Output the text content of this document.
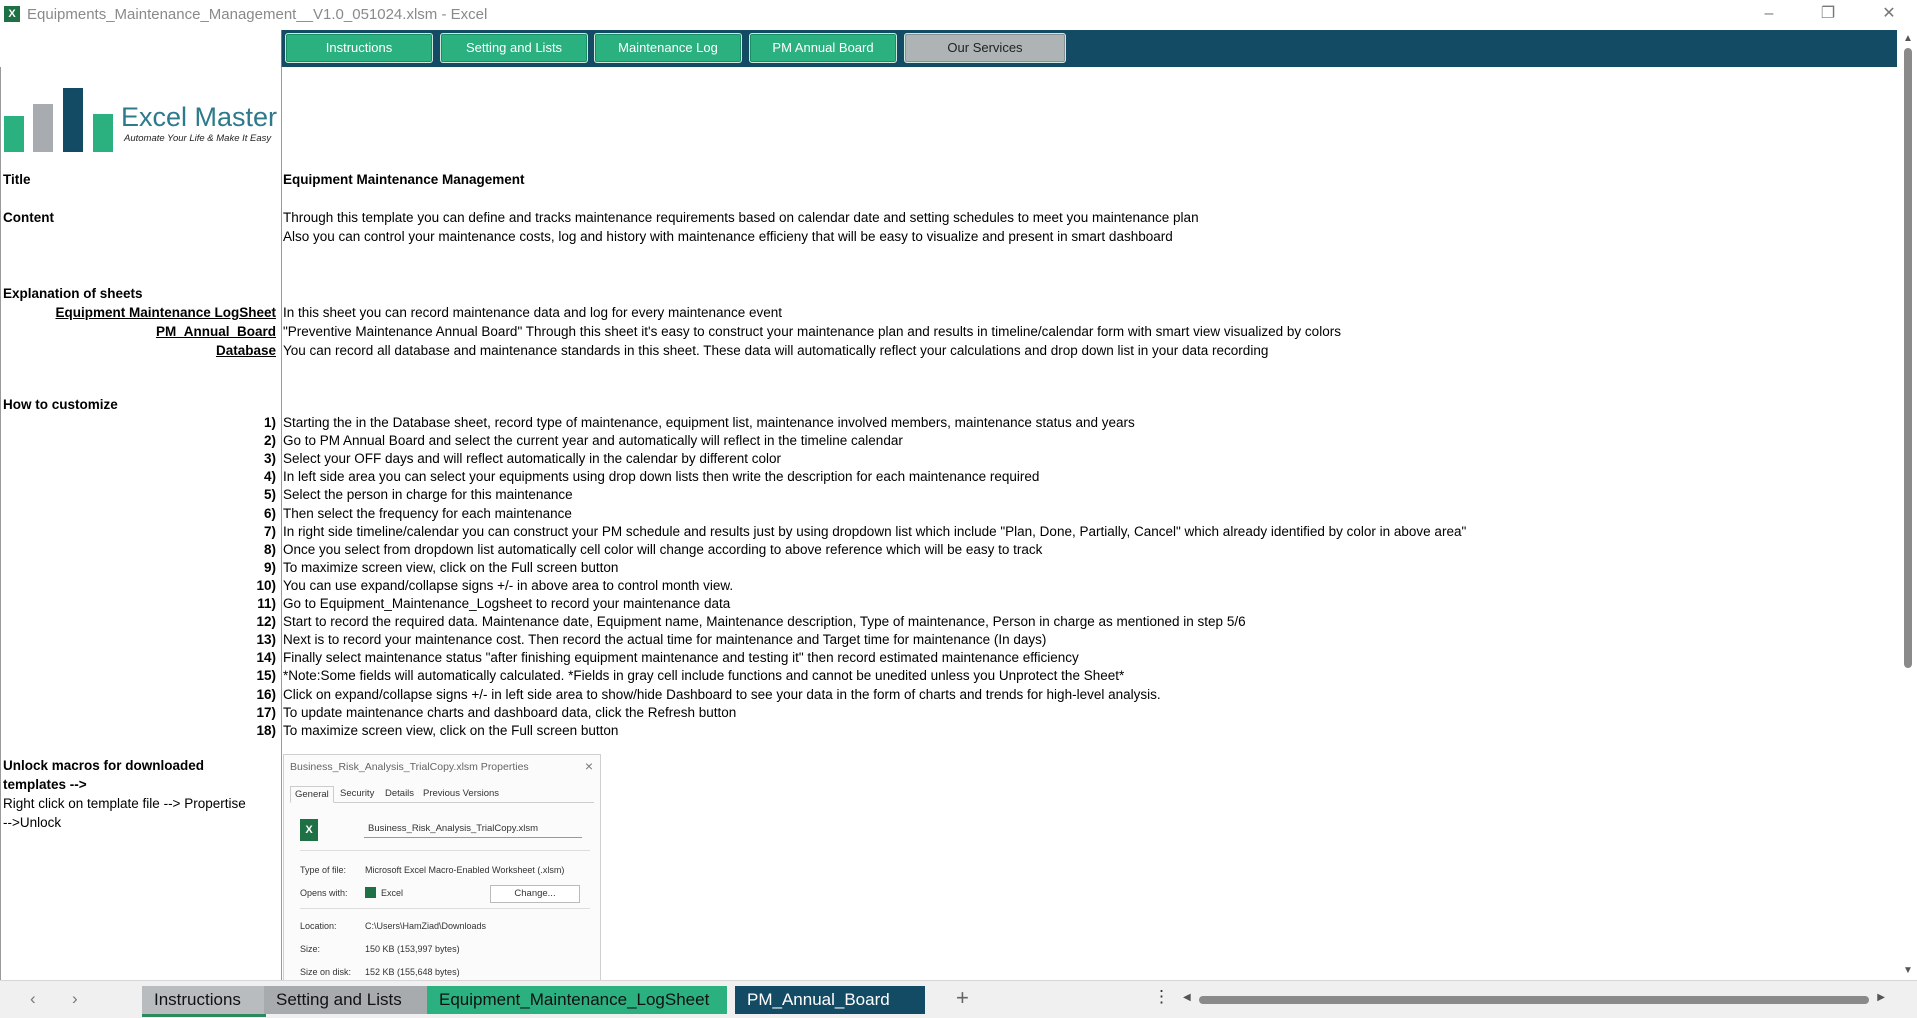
X Equipments_Maintenance_Management__V1.0_051024.xlsm - Excel	–	❐	✕
Instructions	Setting and Lists	Maintenance Log	PM Annual Board	Our Services
Excel Master
Automate Your Life & Make It Easy
Title	Equipment Maintenance Management
Content	Through this template you can define and tracks maintenance requirements based on calendar date and setting schedules to meet you maintenance plan
Also you can control your maintenance costs, log and history with maintenance efficieny that will be easy to visualize and present in smart dashboard
Explanation of sheets
Equipment Maintenance LogSheet In this sheet you can record maintenance data and log for every maintenance event
PM_Annual_Board "Preventive Maintenance Annual Board" Through this sheet it's easy to construct your maintenance plan and results in timeline/calendar form with smart view visualized by colors
Database You can record all database and maintenance standards in this sheet. These data will automatically reflect your calculations and drop down list in your data recording
How to customize
1) Starting the in the Database sheet, record type of maintenance, equipment list, maintenance involved members, maintenance status and years
2) Go to PM Annual Board and select the current year and automatically will reflect in the timeline calendar
3) Select your OFF days and will reflect automatically in the calendar by different color
4) In left side area you can select your equipments using drop down lists then write the description for each maintenance required
5) Select the person in charge for this maintenance
6) Then select the frequency for each maintenance
7) In right side timeline/calendar you can construct your PM schedule and results just by using dropdown list which include "Plan, Done, Partially, Cancel" which already identified by color in above area"
8) Once you select from dropdown list automatically cell color will change according to above reference which will be easy to track
9) To maximize screen view, click on the Full screen button
10) You can use expand/collapse signs +/- in above area to control month view.
11) Go to Equipment_Maintenance_Logsheet to record your maintenance data
12) Start to record the required data. Maintenance date, Equipment name, Maintenance description, Type of maintenance, Person in charge as mentioned in step 5/6
13) Next is to record your maintenance cost. Then record the actual time for maintenance and Target time for maintenance (In days)
14) Finally select maintenance status "after finishing equipment maintenance and testing it" then record estimated maintenance efficiency
15) *Note:Some fields will automatically calculated. *Fields in gray cell include functions and cannot be unedited unless you Unprotect the Sheet*
16) Click on expand/collapse signs +/- in left side area to show/hide Dashboard to see your data in the form of charts and trends for high-level analysis.
17) To update maintenance charts and dashboard data, click the Refresh button
18) To maximize screen view, click on the Full screen button
Unlock macros for downloaded
templates -->
Right click on template file --> Propertise
-->Unlock
Business_Risk_Analysis_TrialCopy.xlsm Properties	×
General	Security	Details Previous Versions
X	Business_Risk_Analysis_TrialCopy.xlsm
Type of file: Microsoft Excel Macro-Enabled Worksheet (.xlsm)
Opens with:	Excel	Change...
Location:	C:\Users\HamZiad\Downloads
Size:	150 KB (153,997 bytes)
Size on disk: 152 KB (155,648 bytes)
▲
▼
‹ ›	Instructions	Setting and Lists	Equipment_Maintenance_LogSheet	PM_Annual_Board	+	⋮ ◀	▶
